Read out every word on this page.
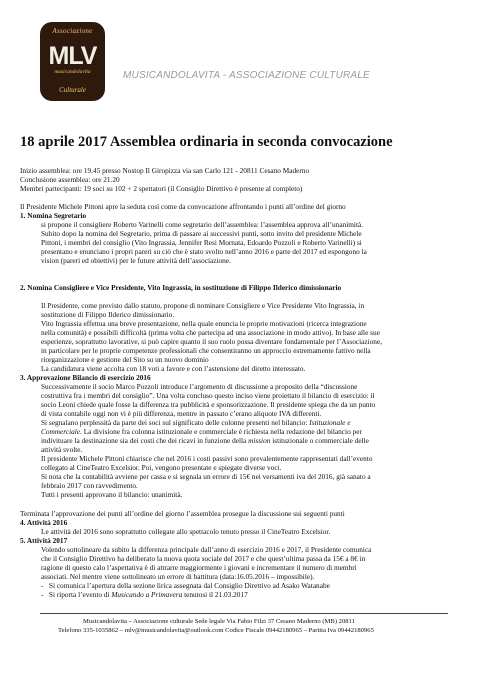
Associazione
MLV
musicandolavita
Culturale
MUSICANDOLAVITA - ASSOCIAZIONE CULTURALE
18 aprile 2017 Assemblea ordinaria in seconda convocazione
Inizio assemblea: ore 19.45 presso Nostop Il Giropizza via san Carlo 121 - 20811 Cesano Maderno
Conclusione assemblea: ore 21.20
Membri partecipanti: 19 soci su 102 + 2 spettatori (il Consiglio Direttivo è presente al completo)
Il Presidente Michele Pittoni apre la seduta così come da convocazione affrontando i punti all’ordine del giorno
1. Nomina Segretario
si propone il consigliere Roberto Varinelli come segretario dell’assemblea: l’assemblea approva all’unanimità.
Subito dopo la nomina del Segretario, prima di passare ai successivi punti, sotto invito del presidente Michele
Pittoni, i membri del consiglio (Vito Ingrassia, Jennifer Resi Mornata, Edoardo Pozzoli e Roberto Varinelli) si
presentano e enunciano i propri pareri su ciò che è stato svolto nell’anno 2016 e parte del 2017 ed espongono la
vision (pareri ed obiettivi) per le future attività dell’associazione.
2. Nomina Consigliere e Vice Presidente, Vito Ingrassia, in sostituzione di Filippo Ilderico dimissionario
Il Presidente, come previsto dallo statuto, propone di nominare Consigliere e Vice Presidente Vito Ingrassia, in
sostituzione di Filippo Ilderico dimissionario.
Vito Ingrassia effettua una breve presentazione, nella quale enuncia le proprie motivazioni (ricerca integrazione
nella comunità) e possibili difficoltà (prima volta che partecipa ad una associazione in modo attivo). In base alle sue
esperienze, soprattutto lavorative, si può capire quanto il suo ruolo possa diventare fondamentale per l’Associazione,
in particolare per le proprie competenze professionali che consentiranno un approccio estremamente fattivo nella
riorganizzazione e gestione del Sito su un nuovo dominio
La candidatura viene accolta con 18 voti a favore e con l’astensione del diretto interessato.
3. Approvazione Bilancio di esercizio 2016
Successivamente il socio Marco Pozzoli introduce l’argomento di discussione a proposito della “discussione
costruttiva fra i membri del consiglio”. Una volta concluso questo inciso viene proiettato il bilancio di esercizio: il
socio Leoni chiede quale fosse la differenza tra pubblicità e sponsorizzazione. Il presidente spiega che da un punto
di vista contabile oggi non vi è più differenza, mentre in passato c’erano aliquote IVA differenti.
Si segnalano perplessità da parte dei soci sul significato delle colonne presenti nel bilancio: Istituzionale e
Commerciale. La divisione fra colonna istituzionale e commerciale è richiesta nella redazione del bilancio per
indivituare la destinazione sia dei costi che dei ricavi in funzione della mission istituzionale o commerciale delle
attività svolte.
Il presidente Michele Pittoni chiarisce che nel 2016 i costi passivi sono prevalentemente rappresentati dall’evento
collegato al CineTeatro Excelsior. Poi, vengono presentate e spiegate diverse voci.
Si nota che la contabilità avviene per cassa e si segnala un errore di 15€ nei versamenti iva del 2016, già sanato a
febbraio 2017 con ravvedimento.
Tutti i presenti approvano il bilancio: unanimità.
Terminata l’approvazione dei punti all’ordine del giorno l’assemblea prosegue la discussione sui seguenti punti
4. Attività 2016
Le attività del 2016 sono soprattutto collegate allo spettacolo tenuto presso il CineTeatro Excelsior.
5. Attività 2017
Volendo sottolineare da subito la differenza principale dall’anno di esercizio 2016 e 2017, il Presidente comunica
che il Consiglio Direttivo ha deliberato la nuova quota sociale del 2017 e che quest’ultima passa da 15€ a 8€ in
ragione di questo calo l’aspettativa è di attrarre maggiormente i giovani e incrementare il numero di membri
associati. Nel mentre viene sottolineato un errore di battitura (data:16.05.2016 – impossibile).
-   Si comunica l’apertura della sezione lirica assegnata dal Consiglio Direttivo ad Asako Watanabe
-   Si riporta l’evento di Musicando a Primavera tenutosi il 21.03.2017
Musicandolavita – Associazione culturale Sede legale Via Fabio Filzi 37 Cesano Maderno (MB) 20811
Telefono 335-1035862 – mlv@musicandolavita@outlook.com Codice Fiscale 09442180965 – Partita Iva 09442180965
